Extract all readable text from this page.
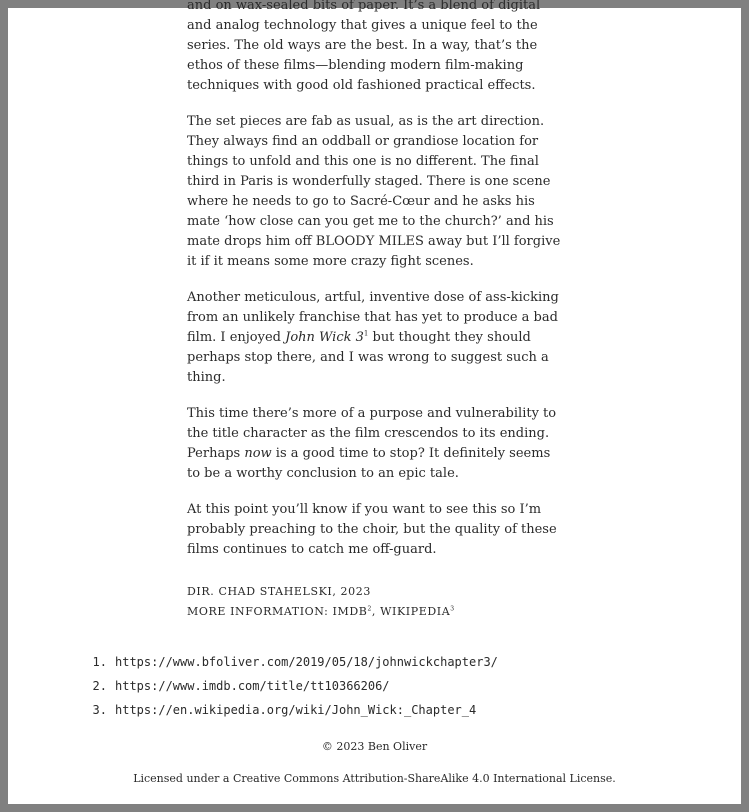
and on wax-sealed bits of paper. It’s a blend of digital and analog technology that gives a unique feel to the series. The old ways are the best. In a way, that’s the ethos of these films—blending modern film-making techniques with good old fashioned practical effects.

The set pieces are fab as usual, as is the art direction. They always find an oddball or grandiose location for things to unfold and this one is no different. The final third in Paris is wonderfully staged. There is one scene where he needs to go to Sacré-Cœur and he asks his mate ‘how close can you get me to the church?’ and his mate drops him off BLOODY MILES away but I’ll forgive it if it means some more crazy fight scenes.

Another meticulous, artful, inventive dose of ass-kicking from an unlikely franchise that has yet to produce a bad film. I enjoyed John Wick $3^1$ but thought they should perhaps stop there, and I was wrong to suggest such a thing.

This time there’s more of a purpose and vulnerability to the title character as the film crescendos to its ending. Perhaps now is a good time to stop? It definitely seems to be a worthy conclusion to an epic tale.

At this point you’ll know if you want to see this so I’m probably preaching to the choir, but the quality of these films continues to catch me off-guard.

DIR. CHAD STAHELSKI, 2023
MORE INFORMATION: IMDB$^2$, WIKIPEDIA$^3$
1. https://www.bfoliver.com/2019/05/18/johnwickchapter3/
2. https://www.imdb.com/title/tt10366206/
3. https://en.wikipedia.org/wiki/John_Wick:_Chapter_4
© 2023 Ben Oliver
Licensed under a Creative Commons Attribution-ShareAlike 4.0 International License.
